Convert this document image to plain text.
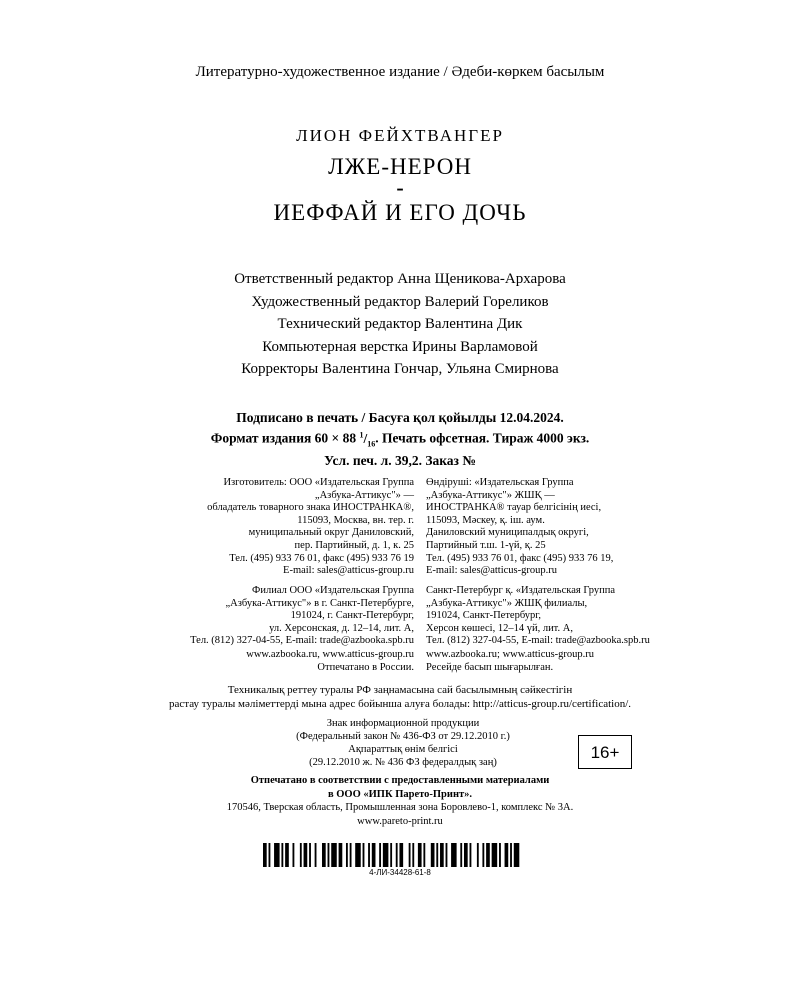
Литературно-художественное издание / Әдеби-көркем басылым
ЛИОН ФЕЙХТВАНГЕР
ЛЖЕ-НЕРОН
-
ИЕФФАЙ И ЕГО ДОЧЬ
Ответственный редактор Анна Щеникова-Архарова
Художественный редактор Валерий Гореликов
Технический редактор Валентина Дик
Компьютерная верстка Ирины Варламовой
Корректоры Валентина Гончар, Ульяна Смирнова
Подписано в печать / Басуға қол қойылды 12.04.2024.
Формат издания 60 × 88 $^1/_{16}$. Печать офсетная. Тираж 4000 экз.
Усл. печ. л. 39,2. Заказ №
Изготовитель: ООО «Издательская Группа
„Азбука-Аттикус"» —
обладатель товарного знака ИНОСТРАНКА®,
115093, Москва, вн. тер. г.
муниципальный округ Даниловский,
пер. Партийный, д. 1, к. 25
Тел. (495) 933 76 01, факс (495) 933 76 19
E-mail: sales@atticus-group.ru
Өндіруші: «Издательская Группа
„Азбука-Аттикус"» ЖШҚ —
ИНОСТРАНКА® тауар белгісінің иесі,
115093, Мәскеу, қ. іш. аум.
Даниловский муниципалдық округі,
Партийный т.ш. 1-үй, қ. 25
Тел. (495) 933 76 01, факс (495) 933 76 19,
E-mail: sales@atticus-group.ru
Филиал ООО «Издательская Группа
„Азбука-Аттикус"» в г. Санкт-Петербурге,
191024, г. Санкт-Петербург,
ул. Херсонская, д. 12–14, лит. А,
Тел. (812) 327-04-55, E-mail: trade@azbooka.spb.ru
Санкт-Петербург қ. «Издательская Группа
„Азбука-Аттикус"» ЖШҚ филиалы,
191024, Санкт-Петербург,
Херсон көшесі, 12–14 үй, лит. А,
Тел. (812) 327-04-55, E-mail: trade@azbooka.spb.ru
www.azbooka.ru, www.atticus-group.ru
Отпечатано в России.
www.azbooka.ru; www.atticus-group.ru
Ресейде басып шығарылған.
Техникалық реттеу туралы РФ заңнамасына сай басылымның сәйкестігін
растау туралы мәліметтерді мына адрес бойынша алуға болады: http://atticus-group.ru/certification/.
Знак информационной продукции
(Федеральный закон № 436-ФЗ от 29.12.2010 г.)
Ақпараттық өнім белгісі
(29.12.2010 ж. № 436 ФЗ федералдық заң)
16+
Отпечатано в соответствии с предоставленными материалами
в ООО «ИПК Парето-Принт».
170546, Тверская область, Промышленная зона Боровлево-1, комплекс № 3А.
www.pareto-print.ru
4-ЛИ-34428-61-8
